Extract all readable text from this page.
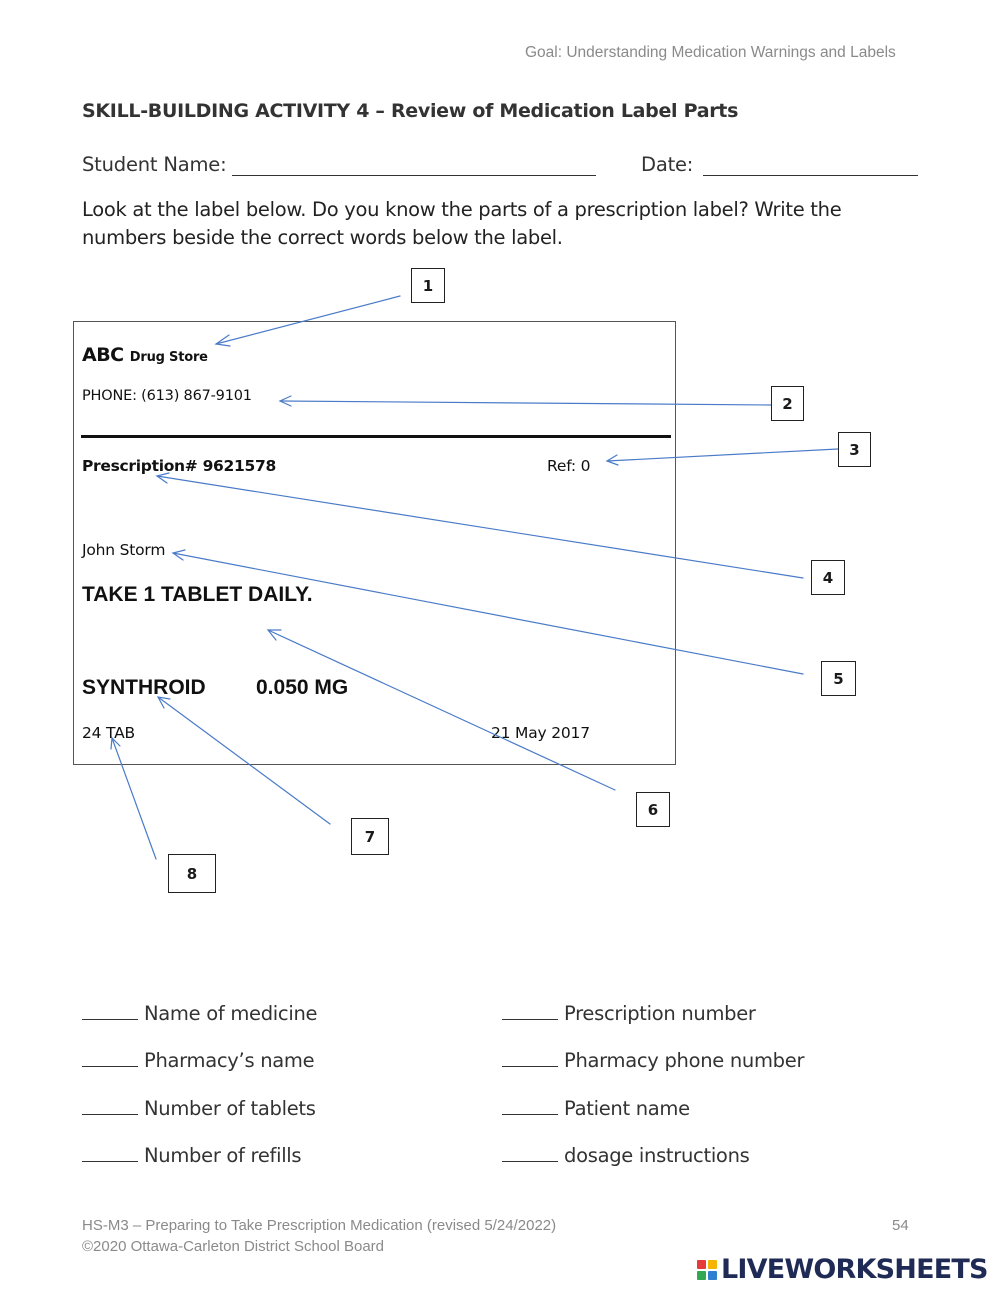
Goal: Understanding Medication Warnings and Labels
SKILL-BUILDING ACTIVITY 4 – Review of Medication Label Parts
Student Name:	Date:
Look at the label below. Do you know the parts of a prescription label? Write the numbers beside the correct words below the label.
ABC Drug Store
PHONE: (613) 867-9101
Prescription# 9621578	Ref: 0
John Storm
TAKE 1 TABLET DAILY.
SYNTHROID 0.050 MG
24 TAB	21 May 2017
1
2
3
4
5
6
7
8
Name of medicine
Pharmacy’s name
Number of tablets
Number of refills
Prescription number
Pharmacy phone number
Patient name
dosage instructions
HS-M3 – Preparing to Take Prescription Medication (revised 5/24/2022)
©2020 Ottawa-Carleton District School Board
54
LIVEWORKSHEETS
